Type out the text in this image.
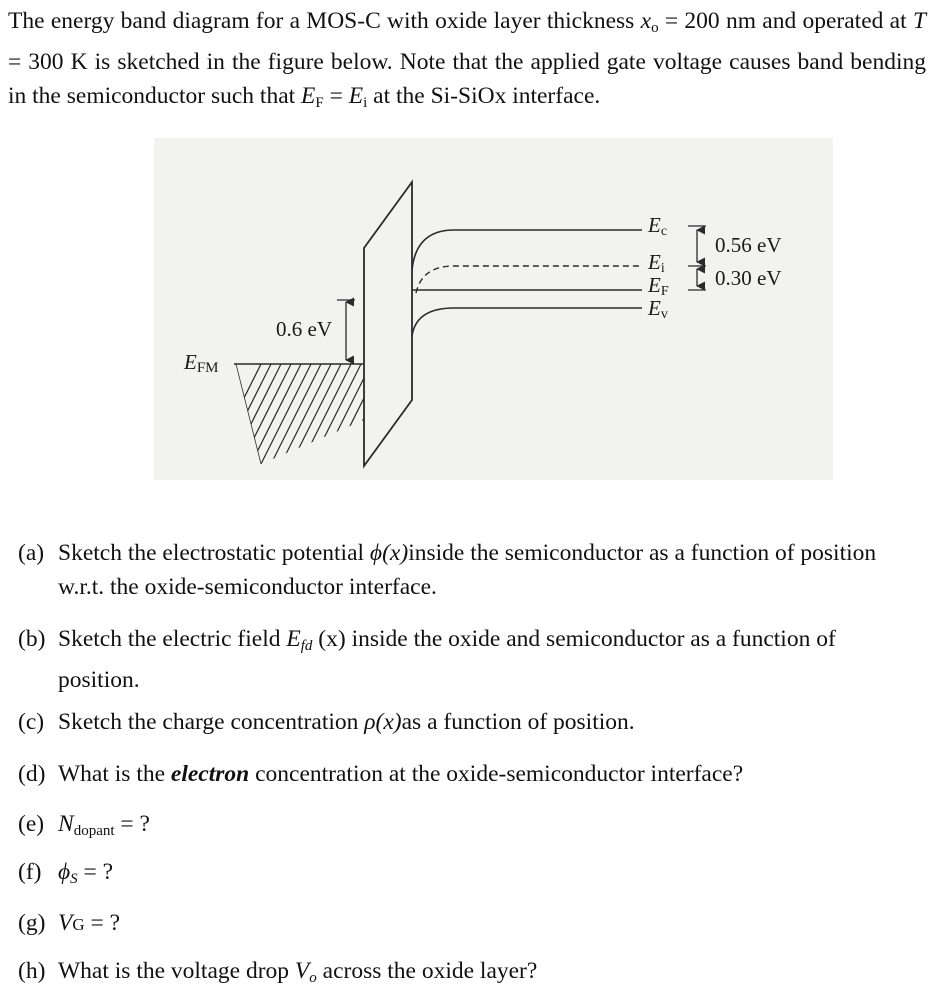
The energy band diagram for a MOS-C with oxide layer thickness $x_o = 200$ nm and operated at T = 300 K is sketched in the figure below. Note that the applied gate voltage causes band bending in the semiconductor such that $E_F = E_i$ at the Si-SiOx interface.

0.6 eV
EFM
Ec
Ei
EF
Ev
0.56 eV
0.30 eV
(a) Sketch the electrostatic potential ϕ(x)inside the semiconductor as a function of position w.r.t. the oxide-semiconductor interface.
(b) Sketch the electric field $E_{fd}$ (x) inside the oxide and semiconductor as a function of position.
(c) Sketch the charge concentration ρ(x)as a function of position.
(d) What is the electron concentration at the oxide-semiconductor interface?
(e) $N_{dopant}$ = ?
(f) $\phi_S$ = ?
(g) VG = ?
(h) What is the voltage drop $V_o$ across the oxide layer?
